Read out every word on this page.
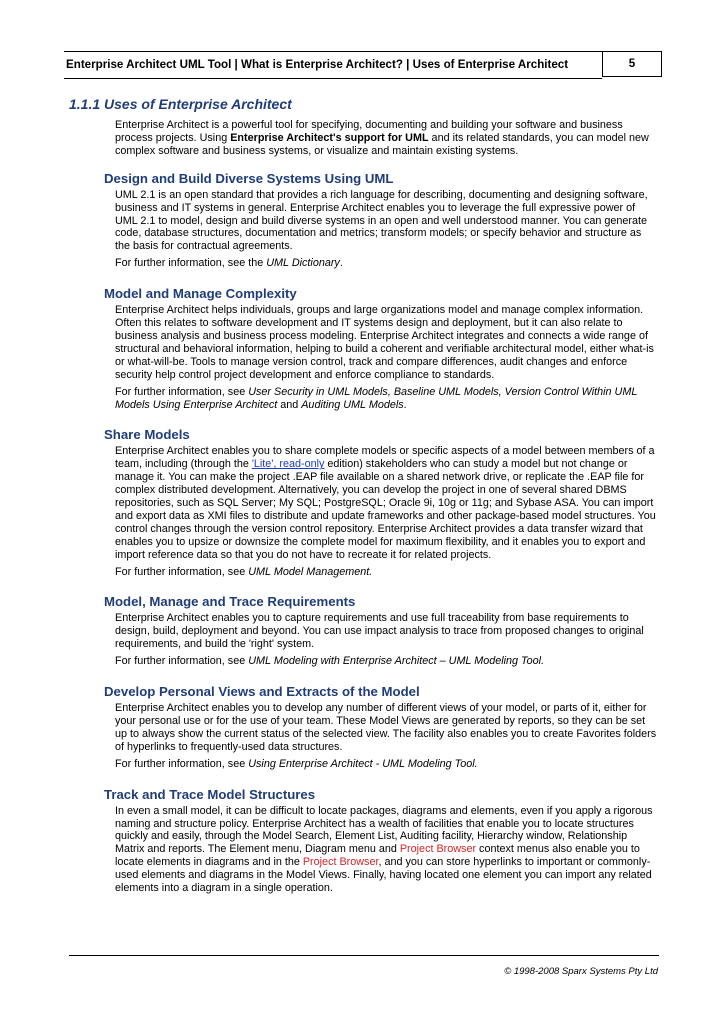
Enterprise Architect UML Tool | What is Enterprise Architect? | Uses of Enterprise Architect	5
1.1.1 Uses of Enterprise Architect

Enterprise Architect is a powerful tool for specifying, documenting and building your software and business process projects. Using Enterprise Architect's support for UML and its related standards, you can model new complex software and business systems, or visualize and maintain existing systems.

Design and Build Diverse Systems Using UML

UML 2.1 is an open standard that provides a rich language for describing, documenting and designing software, business and IT systems in general. Enterprise Architect enables you to leverage the full expressive power of UML 2.1 to model, design and build diverse systems in an open and well understood manner. You can generate code, database structures, documentation and metrics; transform models; or specify behavior and structure as the basis for contractual agreements.

For further information, see the UML Dictionary.

Model and Manage Complexity

Enterprise Architect helps individuals, groups and large organizations model and manage complex information. Often this relates to software development and IT systems design and deployment, but it can also relate to business analysis and business process modeling. Enterprise Architect integrates and connects a wide range of structural and behavioral information, helping to build a coherent and verifiable architectural model, either what-is or what-will-be. Tools to manage version control, track and compare differences, audit changes and enforce security help control project development and enforce compliance to standards.

For further information, see User Security in UML Models, Baseline UML Models, Version Control Within UML Models Using Enterprise Architect and Auditing UML Models.

Share Models

Enterprise Architect enables you to share complete models or specific aspects of a model between members of a team, including (through the 'Lite', read-only edition) stakeholders who can study a model but not change or manage it. You can make the project .EAP file available on a shared network drive, or replicate the .EAP file for complex distributed development. Alternatively, you can develop the project in one of several shared DBMS repositories, such as SQL Server; My SQL; PostgreSQL; Oracle 9i, 10g or 11g; and Sybase ASA. You can import and export data as XMI files to distribute and update frameworks and other package-based model structures. You control changes through the version control repository. Enterprise Architect provides a data transfer wizard that enables you to upsize or downsize the complete model for maximum flexibility, and it enables you to export and import reference data so that you do not have to recreate it for related projects.

For further information, see UML Model Management.

Model, Manage and Trace Requirements

Enterprise Architect enables you to capture requirements and use full traceability from base requirements to design, build, deployment and beyond. You can use impact analysis to trace from proposed changes to original requirements, and build the 'right' system.

For further information, see UML Modeling with Enterprise Architect – UML Modeling Tool.

Develop Personal Views and Extracts of the Model

Enterprise Architect enables you to develop any number of different views of your model, or parts of it, either for your personal use or for the use of your team. These Model Views are generated by reports, so they can be set up to always show the current status of the selected view. The facility also enables you to create Favorites folders of hyperlinks to frequently-used data structures.

For further information, see Using Enterprise Architect - UML Modeling Tool.

Track and Trace Model Structures

In even a small model, it can be difficult to locate packages, diagrams and elements, even if you apply a rigorous naming and structure policy. Enterprise Architect has a wealth of facilities that enable you to locate structures quickly and easily, through the Model Search, Element List, Auditing facility, Hierarchy window, Relationship Matrix and reports. The Element menu, Diagram menu and Project Browser context menus also enable you to locate elements in diagrams and in the Project Browser, and you can store hyperlinks to important or commonly-used elements and diagrams in the Model Views. Finally, having located one element you can import any related elements into a diagram in a single operation.

© 1998-2008 Sparx Systems Pty Ltd
